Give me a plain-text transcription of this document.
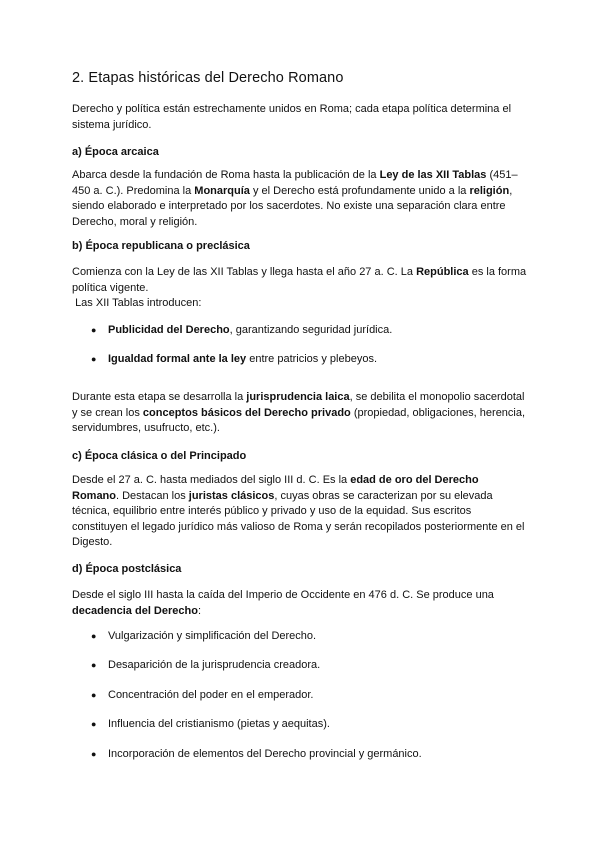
2. Etapas históricas del Derecho Romano

Derecho y política están estrechamente unidos en Roma; cada etapa política determina el sistema jurídico.

a) Época arcaica

Abarca desde la fundación de Roma hasta la publicación de la Ley de las XII Tablas (451–450 a. C.). Predomina la Monarquía y el Derecho está profundamente unido a la religión, siendo elaborado e interpretado por los sacerdotes. No existe una separación clara entre Derecho, moral y religión.

b) Época republicana o preclásica

Comienza con la Ley de las XII Tablas y llega hasta el año 27 a. C. La República es la forma política vigente.
Las XII Tablas introducen:

● Publicidad del Derecho, garantizando seguridad jurídica.
● Igualdad formal ante la ley entre patricios y plebeyos.

Durante esta etapa se desarrolla la jurisprudencia laica, se debilita el monopolio sacerdotal y se crean los conceptos básicos del Derecho privado (propiedad, obligaciones, herencia, servidumbres, usufructo, etc.).

c) Época clásica o del Principado

Desde el 27 a. C. hasta mediados del siglo III d. C. Es la edad de oro del Derecho Romano. Destacan los juristas clásicos, cuyas obras se caracterizan por su elevada técnica, equilibrio entre interés público y privado y uso de la equidad. Sus escritos constituyen el legado jurídico más valioso de Roma y serán recopilados posteriormente en el Digesto.

d) Época postclásica

Desde el siglo III hasta la caída del Imperio de Occidente en 476 d. C. Se produce una decadencia del Derecho:

● Vulgarización y simplificación del Derecho.
● Desaparición de la jurisprudencia creadora.
● Concentración del poder en el emperador.
● Influencia del cristianismo (pietas y aequitas).
● Incorporación de elementos del Derecho provincial y germánico.
